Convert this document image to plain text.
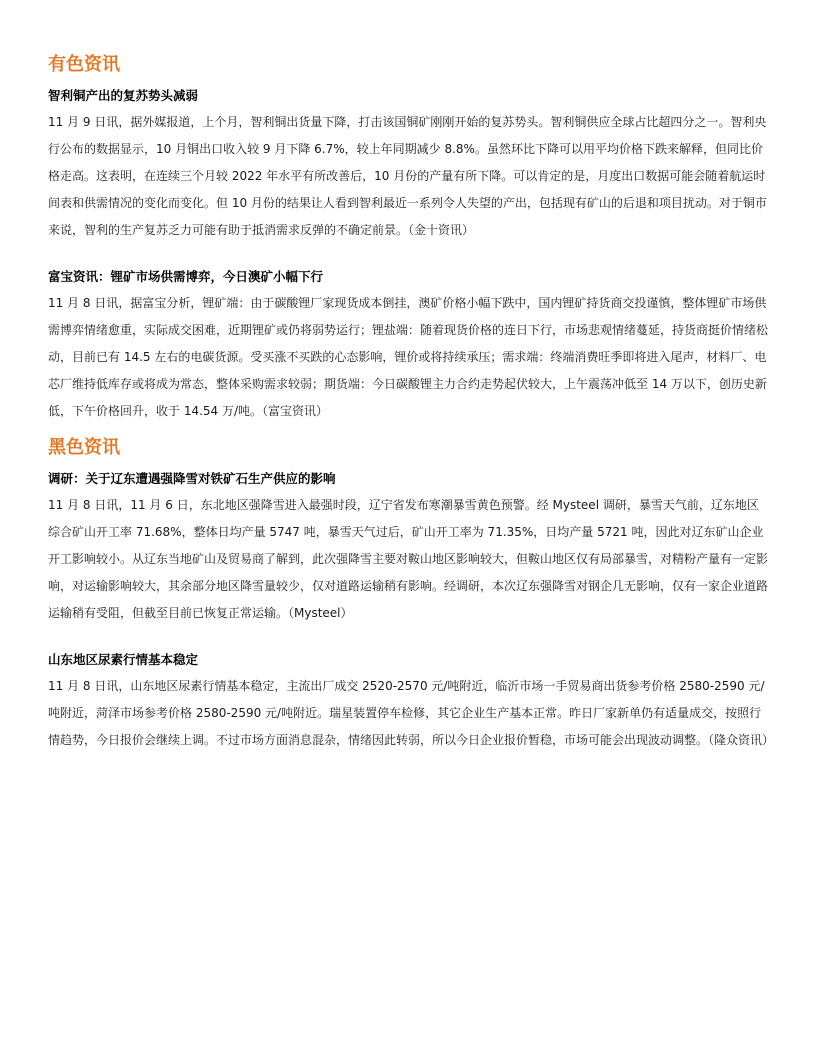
有色资讯
智利铜产出的复苏势头减弱

11 月 9 日讯，据外媒报道，上个月，智利铜出货量下降，打击该国铜矿刚刚开始的复苏势头。智利铜供应全球占比超四分之一。智利央行公布的数据显示，10 月铜出口收入较 9 月下降 6.7%，较上年同期减少 8.8%。虽然环比下降可以用平均价格下跌来解释，但同比价格走高。这表明，在连续三个月较 2022 年水平有所改善后，10 月份的产量有所下降。可以肯定的是，月度出口数据可能会随着航运时间表和供需情况的变化而变化。但 10 月份的结果让人看到智利最近一系列令人失望的产出，包括现有矿山的后退和项目扰动。对于铜市来说，智利的生产复苏乏力可能有助于抵消需求反弹的不确定前景。（金十资讯）

富宝资讯：锂矿市场供需博弈，今日澳矿小幅下行

11 月 8 日讯，据富宝分析，锂矿端：由于碳酸锂厂家现货成本倒挂，澳矿价格小幅下跌中，国内锂矿持货商交投谨慎，整体锂矿市场供需博弈情绪愈重，实际成交困难，近期锂矿或仍将弱势运行；锂盐端：随着现货价格的连日下行，市场悲观情绪蔓延，持货商挺价情绪松动，目前已有 14.5 左右的电碳货源。受买涨不买跌的心态影响，锂价或将持续承压；需求端：终端消费旺季即将进入尾声，材料厂、电芯厂维持低库存或将成为常态，整体采购需求较弱；期货端：今日碳酸锂主力合约走势起伏较大，上午震荡冲低至 14 万以下，创历史新低，下午价格回升，收于 14.54 万/吨。（富宝资讯）

黑色资讯
调研：关于辽东遭遇强降雪对铁矿石生产供应的影响

11 月 8 日讯，11 月 6 日，东北地区强降雪进入最强时段，辽宁省发布寒潮暴雪黄色预警。经 Mysteel 调研，暴雪天气前，辽东地区综合矿山开工率 71.68%，整体日均产量 5747 吨，暴雪天气过后，矿山开工率为 71.35%，日均产量 5721 吨，因此对辽东矿山企业开工影响较小。从辽东当地矿山及贸易商了解到，此次强降雪主要对鞍山地区影响较大，但鞍山地区仅有局部暴雪，对精粉产量有一定影响，对运输影响较大，其余部分地区降雪量较少，仅对道路运输稍有影响。经调研，本次辽东强降雪对钢企几无影响，仅有一家企业道路运输稍有受阻，但截至目前已恢复正常运输。（Mysteel）

山东地区尿素行情基本稳定

11 月 8 日讯，山东地区尿素行情基本稳定，主流出厂成交 2520-2570 元/吨附近，临沂市场一手贸易商出货参考价格 2580-2590 元/吨附近，菏泽市场参考价格 2580-2590 元/吨附近。瑞星装置停车检修，其它企业生产基本正常。昨日厂家新单仍有适量成交，按照行情趋势，今日报价会继续上调。不过市场方面消息混杂，情绪因此转弱，所以今日企业报价暂稳，市场可能会出现波动调整。（隆众资讯）
